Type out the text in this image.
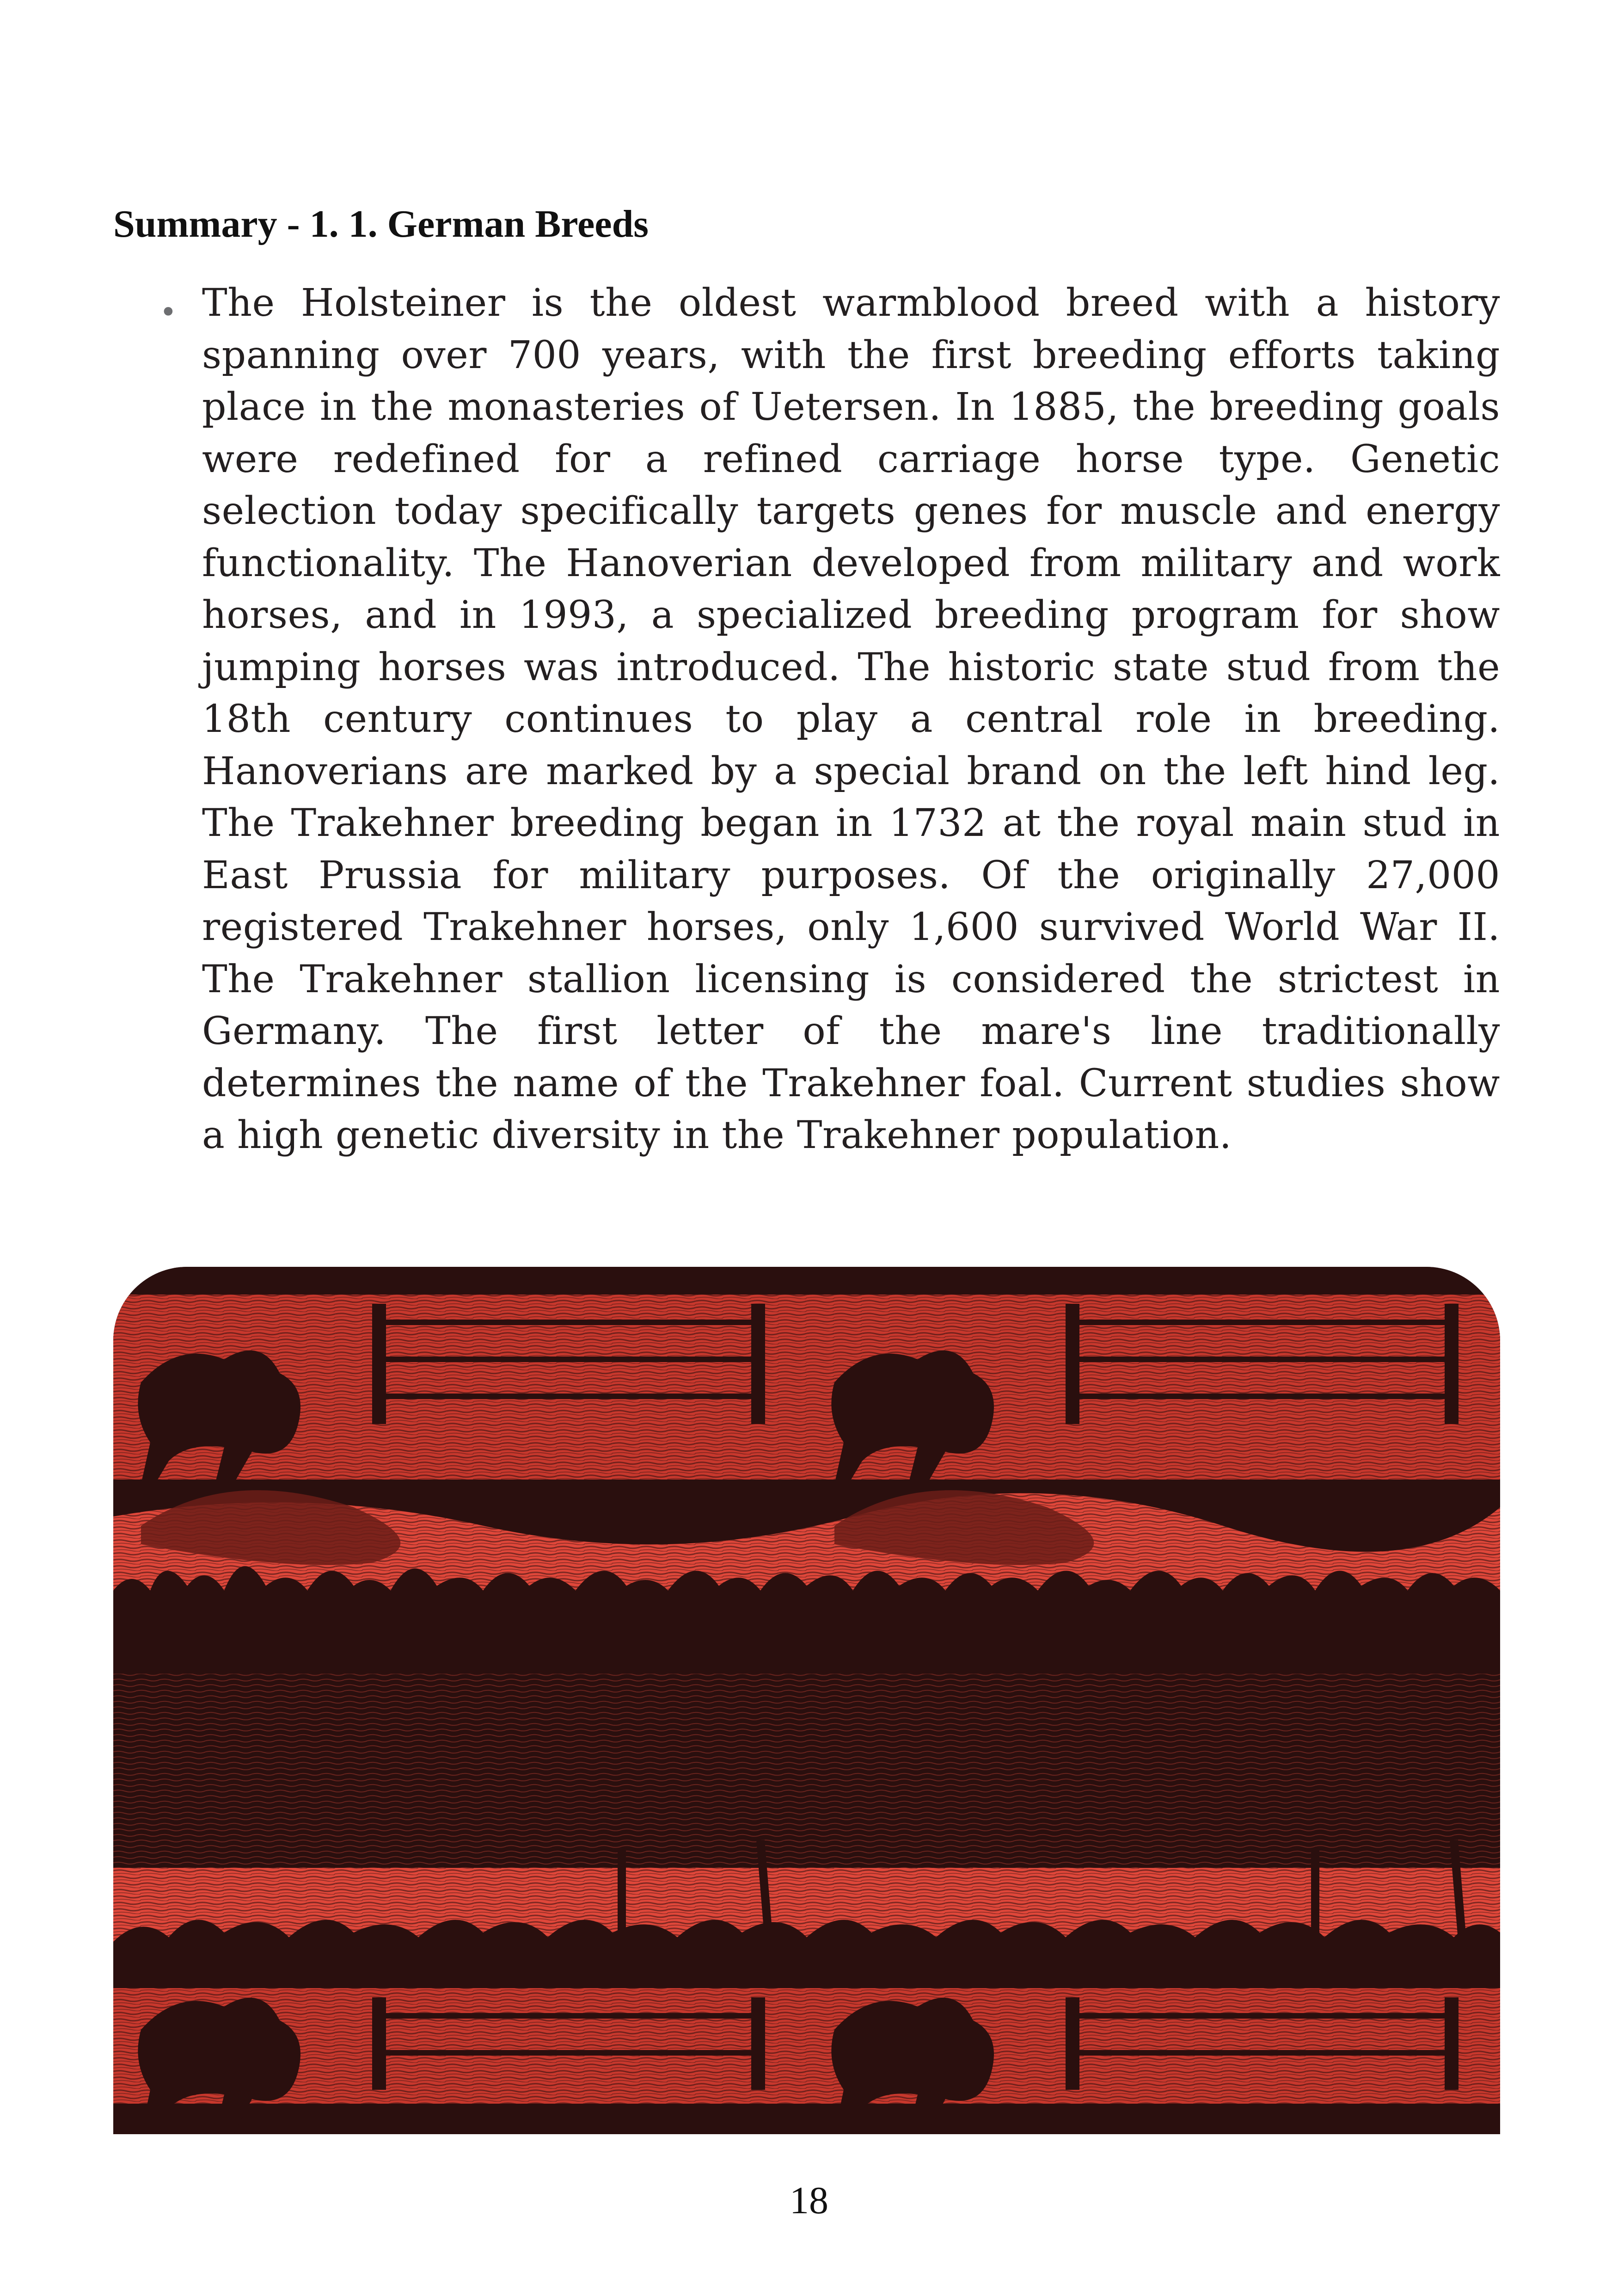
Summary - 1. 1. German Breeds
• The Holsteiner is the oldest warmblood breed with a history spanning over 700 years, with the first breeding efforts taking place in the monasteries of Uetersen. In 1885, the breeding goals were redefined for a refined carriage horse type. Genetic selection today specifically targets genes for muscle and energy functionality. The Hanoverian developed from military and work horses, and in 1993, a specialized breeding program for show jumping horses was introduced. The historic state stud from the 18th century continues to play a central role in breeding. Hanoverians are marked by a special brand on the left hind leg. The Trakehner breeding began in 1732 at the royal main stud in East Prussia for military purposes. Of the originally 27,000 registered Trakehner horses, only 1,600 survived World War II. The Trakehner stallion licensing is considered the strictest in Germany. The first letter of the mare's line traditionally determines the name of the Trakehner foal. Current studies show a high genetic diversity in the Trakehner population.

18
